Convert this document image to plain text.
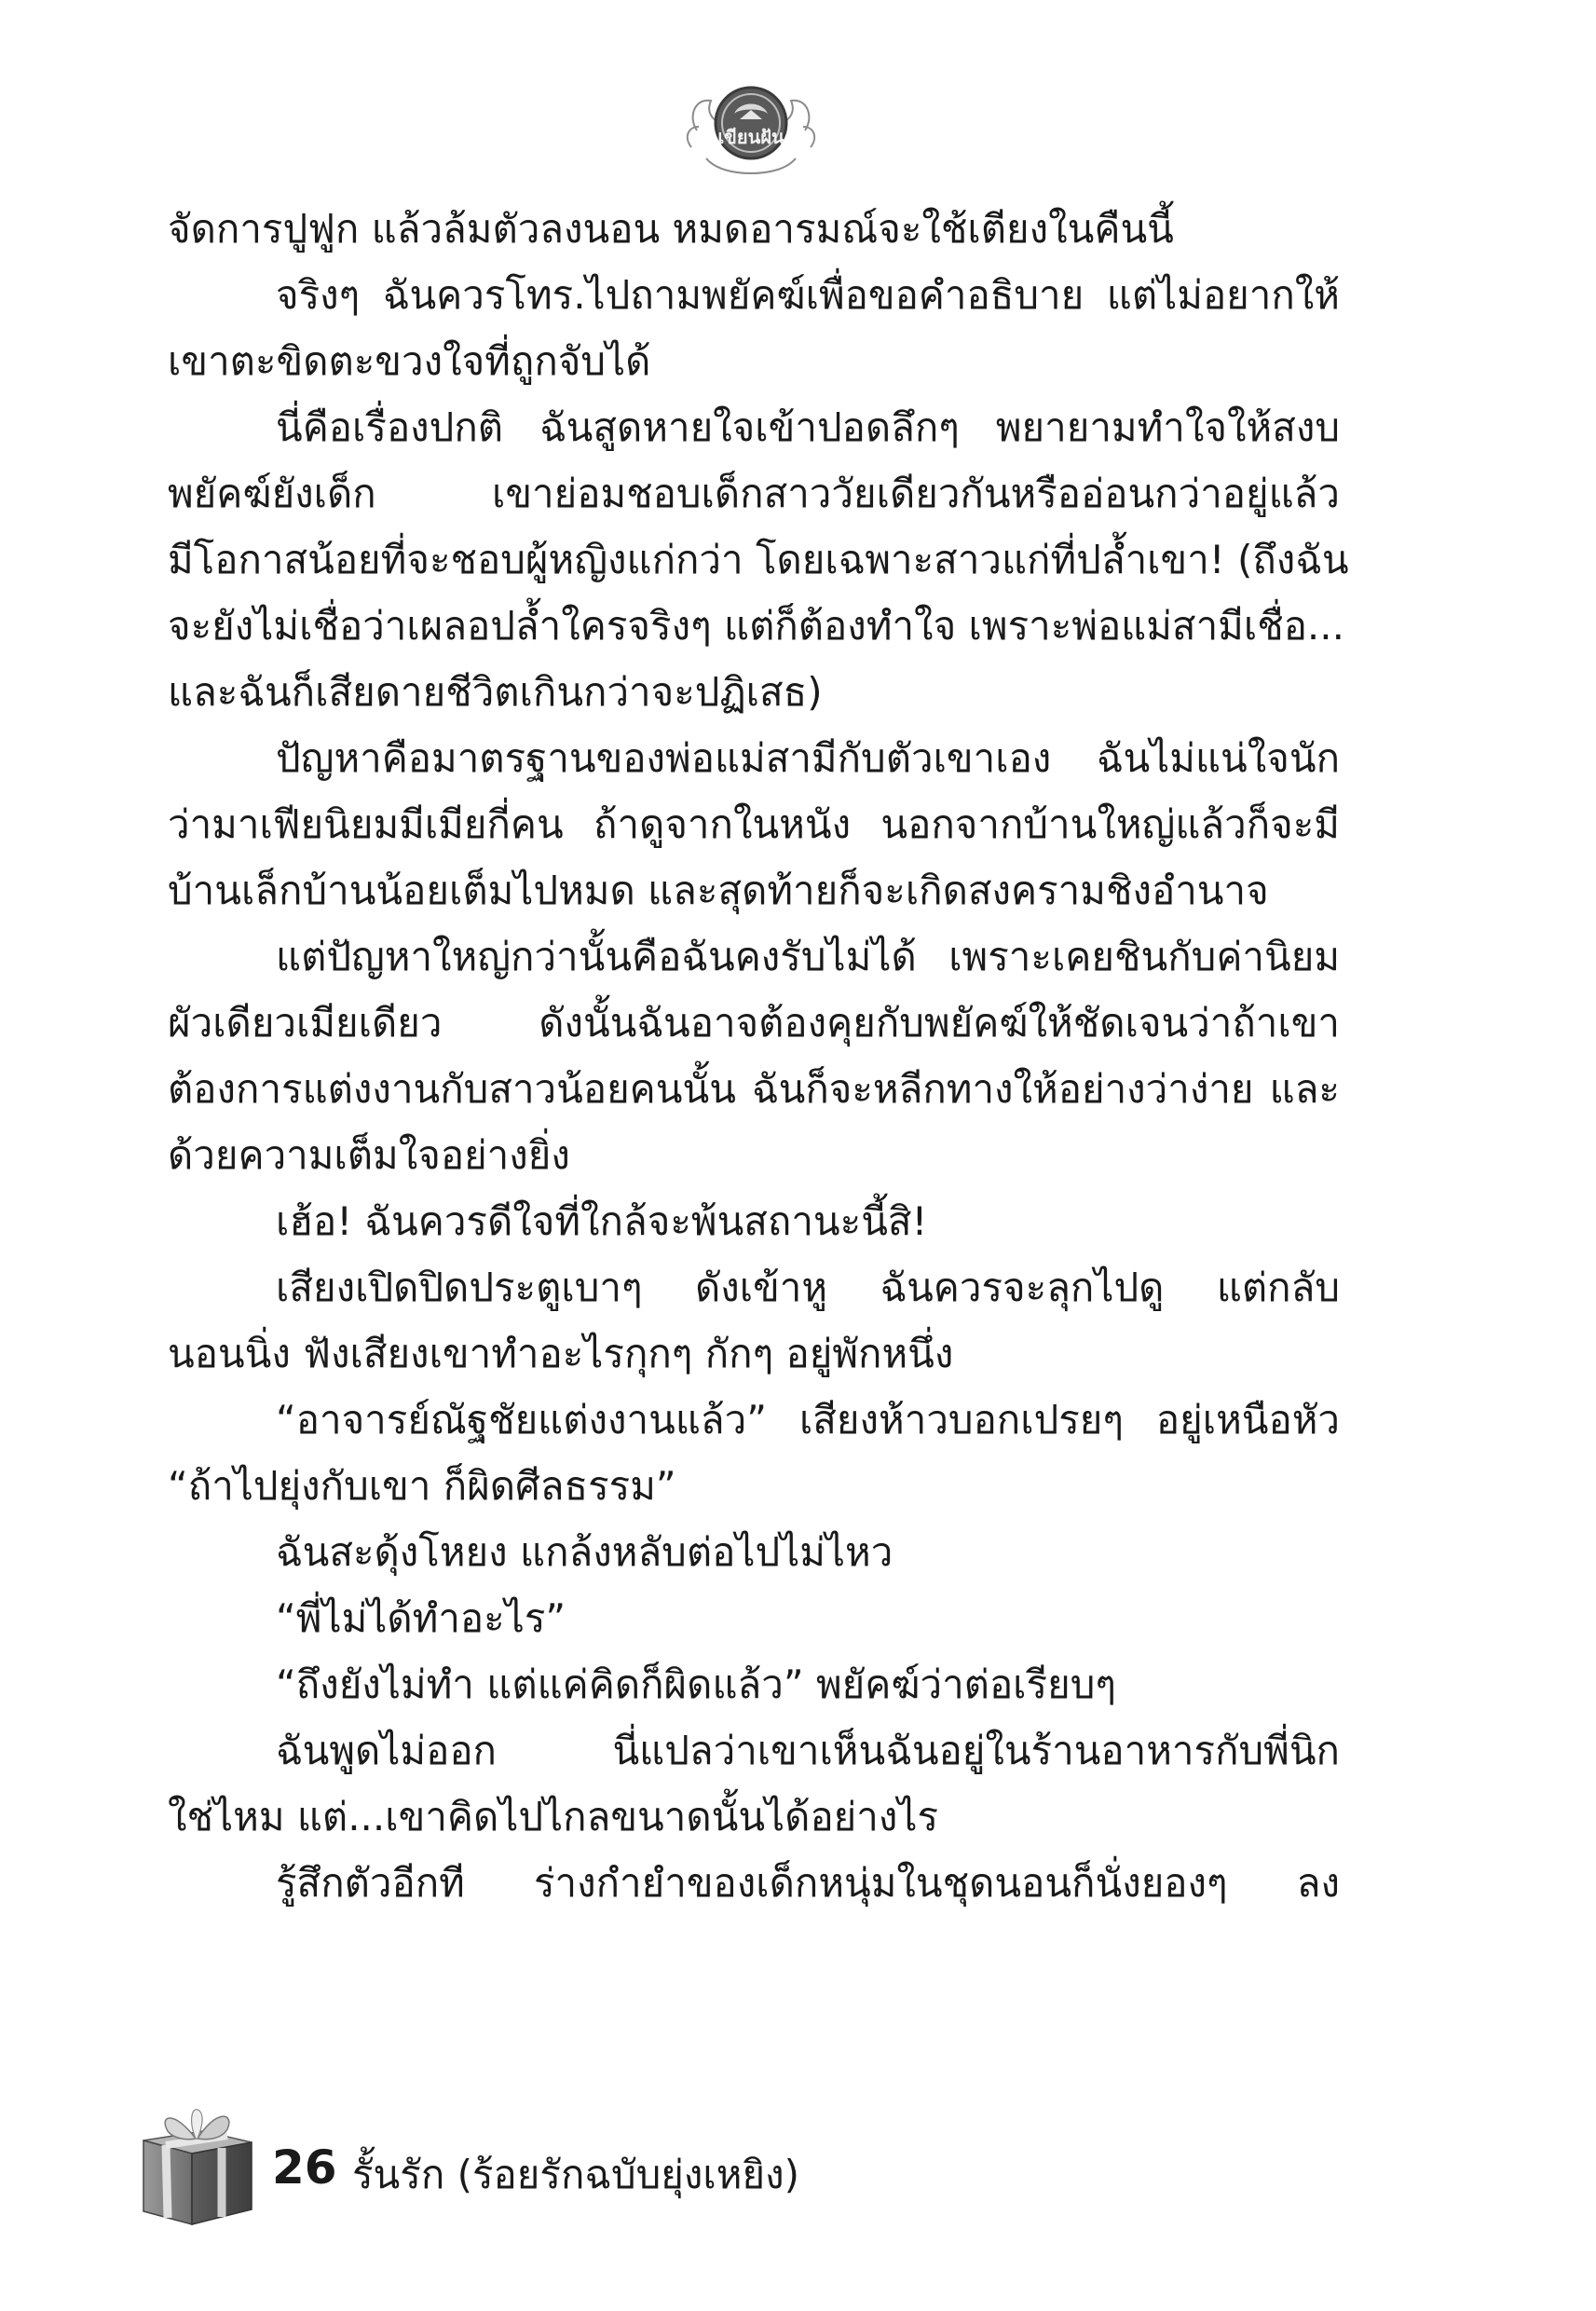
เขียนฝัน
จัดการปูฟูก แล้วล้มตัวลงนอน หมดอารมณ์จะใช้เตียงในคืนนี้
จริงๆ ฉันควรโทร.ไปถามพยัคฆ์เพื่อขอคำอธิบาย แต่ไม่อยากให้
เขาตะขิดตะขวงใจที่ถูกจับได้
นี่คือเรื่องปกติ ฉันสูดหายใจเข้าปอดลึกๆ พยายามทำใจให้สงบ
พยัคฆ์ยังเด็ก เขาย่อมชอบเด็กสาววัยเดียวกันหรืออ่อนกว่าอยู่แล้ว
มีโอกาสน้อยที่จะชอบผู้หญิงแก่กว่า โดยเฉพาะสาวแก่ที่ปล้ำเขา! (ถึงฉัน
จะยังไม่เชื่อว่าเผลอปล้ำใครจริงๆ แต่ก็ต้องทำใจ เพราะพ่อแม่สามีเชื่อ...
และฉันก็เสียดายชีวิตเกินกว่าจะปฏิเสธ)
ปัญหาคือมาตรฐานของพ่อแม่สามีกับตัวเขาเอง ฉันไม่แน่ใจนัก
ว่ามาเฟียนิยมมีเมียกี่คน ถ้าดูจากในหนัง นอกจากบ้านใหญ่แล้วก็จะมี
บ้านเล็กบ้านน้อยเต็มไปหมด และสุดท้ายก็จะเกิดสงครามชิงอำนาจ
แต่ปัญหาใหญ่กว่านั้นคือฉันคงรับไม่ได้ เพราะเคยชินกับค่านิยม
ผัวเดียวเมียเดียว ดังนั้นฉันอาจต้องคุยกับพยัคฆ์ให้ชัดเจนว่าถ้าเขา
ต้องการแต่งงานกับสาวน้อยคนนั้น ฉันก็จะหลีกทางให้อย่างว่าง่าย และ
ด้วยความเต็มใจอย่างยิ่ง
เฮ้อ! ฉันควรดีใจที่ใกล้จะพ้นสถานะนี้สิ!
เสียงเปิดปิดประตูเบาๆ ดังเข้าหู ฉันควรจะลุกไปดู แต่กลับ
นอนนิ่ง ฟังเสียงเขาทำอะไรกุกๆ กักๆ อยู่พักหนึ่ง
“อาจารย์ณัฐชัยแต่งงานแล้ว” เสียงห้าวบอกเปรยๆ อยู่เหนือหัว
“ถ้าไปยุ่งกับเขา ก็ผิดศีลธรรม”
ฉันสะดุ้งโหยง แกล้งหลับต่อไปไม่ไหว
“พี่ไม่ได้ทำอะไร”
“ถึงยังไม่ทำ แต่แค่คิดก็ผิดแล้ว” พยัคฆ์ว่าต่อเรียบๆ
ฉันพูดไม่ออก นี่แปลว่าเขาเห็นฉันอยู่ในร้านอาหารกับพี่นิก
ใช่ไหม แต่...เขาคิดไปไกลขนาดนั้นได้อย่างไร
รู้สึกตัวอีกที ร่างกำยำของเด็กหนุ่มในชุดนอนก็นั่งยองๆ ลง
26 รั้นรัก (ร้อยรักฉบับยุ่งเหยิง)
